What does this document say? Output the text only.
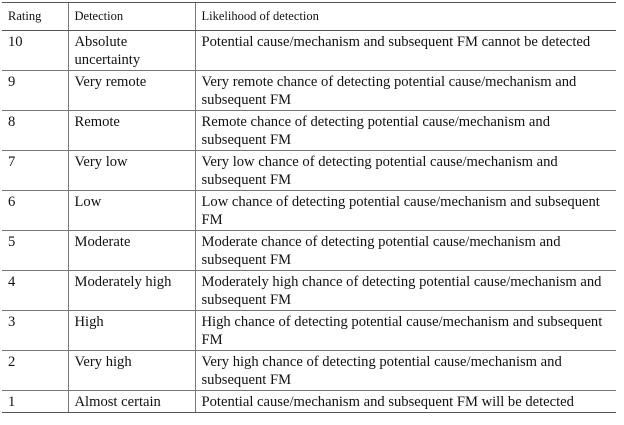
Rating	Detection	Likelihood of detection
10	Absolute uncertainty	Potential cause/mechanism and subsequent FM cannot be detected
9	Very remote	Very remote chance of detecting potential cause/mechanism and subsequent FM
8	Remote	Remote chance of detecting potential cause/mechanism and subsequent FM
7	Very low	Very low chance of detecting potential cause/mechanism and subsequent FM
6	Low	Low chance of detecting potential cause/mechanism and subsequent FM
5	Moderate	Moderate chance of detecting potential cause/mechanism and subsequent FM
4	Moderately high	Moderately high chance of detecting potential cause/mechanism and subsequent FM
3	High	High chance of detecting potential cause/mechanism and subsequent FM
2	Very high	Very high chance of detecting potential cause/mechanism and subsequent FM
1	Almost certain	Potential cause/mechanism and subsequent FM will be detected
